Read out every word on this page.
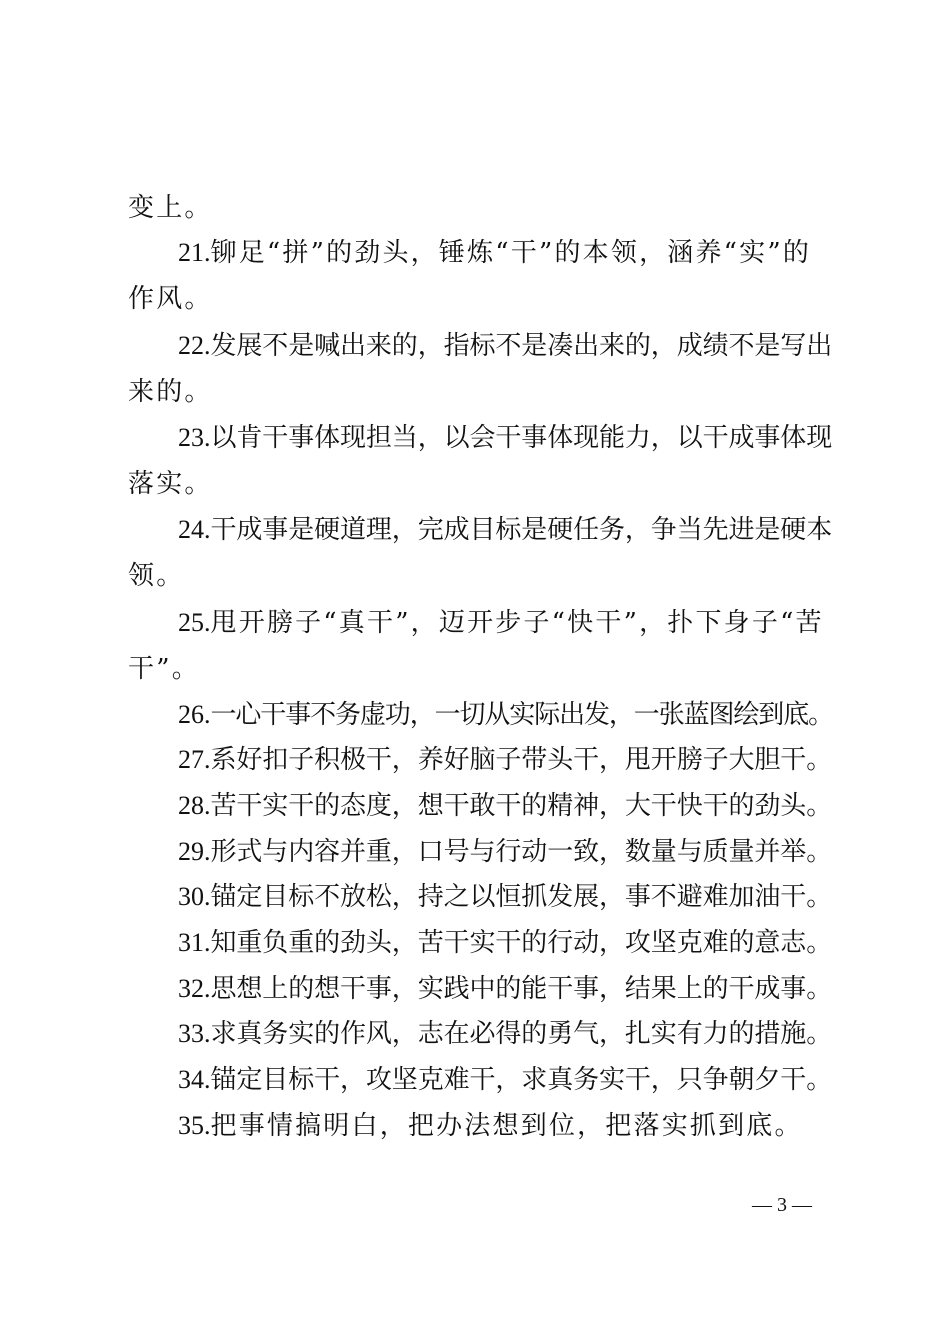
变上。
21.铆足“拼”的劲头，锤炼“干”的本领，涵养“实”的
作风。
22.发展不是喊出来的，指标不是凑出来的，成绩不是写出
来的。
23.以肯干事体现担当，以会干事体现能力，以干成事体现
落实。
24.干成事是硬道理，完成目标是硬任务，争当先进是硬本
领。
25.甩开膀子“真干”，迈开步子“快干”，扑下身子“苦
干”。
26.一心干事不务虚功，一切从实际出发，一张蓝图绘到底。
27.系好扣子积极干，养好脑子带头干，甩开膀子大胆干。
28.苦干实干的态度，想干敢干的精神，大干快干的劲头。
29.形式与内容并重，口号与行动一致，数量与质量并举。
30.锚定目标不放松，持之以恒抓发展，事不避难加油干。
31.知重负重的劲头，苦干实干的行动，攻坚克难的意志。
32.思想上的想干事，实践中的能干事，结果上的干成事。
33.求真务实的作风，志在必得的勇气，扎实有力的措施。
34.锚定目标干，攻坚克难干，求真务实干，只争朝夕干。
35.把事情搞明白，把办法想到位，把落实抓到底。
— 3 —
